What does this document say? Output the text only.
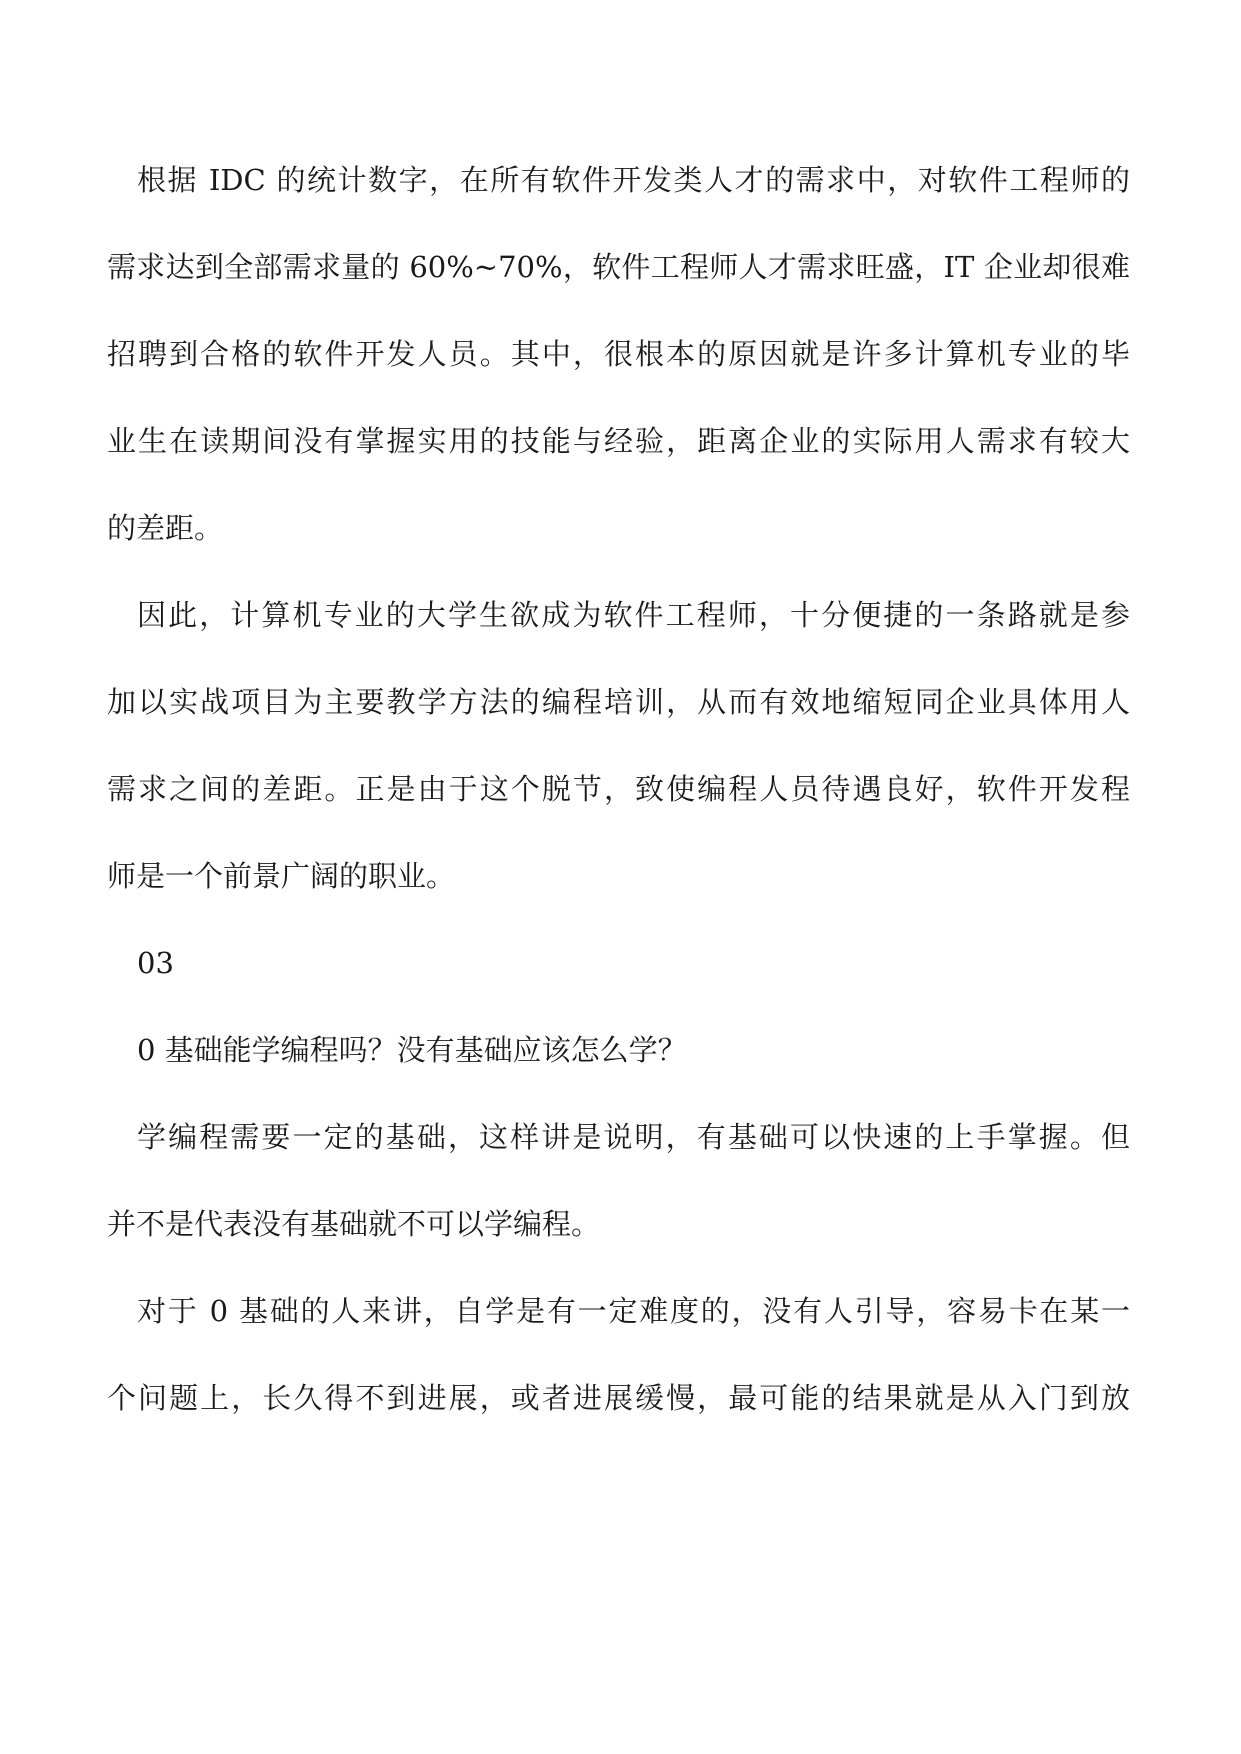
根据 IDC 的统计数字，在所有软件开发类人才的需求中，对软件工程师的
需求达到全部需求量的 60%~70%，软件工程师人才需求旺盛，IT 企业却很难
招聘到合格的软件开发人员。其中，很根本的原因就是许多计算机专业的毕
业生在读期间没有掌握实用的技能与经验，距离企业的实际用人需求有较大
的差距。
因此，计算机专业的大学生欲成为软件工程师，十分便捷的一条路就是参
加以实战项目为主要教学方法的编程培训，从而有效地缩短同企业具体用人
需求之间的差距。正是由于这个脱节，致使编程人员待遇良好，软件开发程
师是一个前景广阔的职业。
03
0 基础能学编程吗？没有基础应该怎么学？
学编程需要一定的基础，这样讲是说明，有基础可以快速的上手掌握。但
并不是代表没有基础就不可以学编程。
对于 0 基础的人来讲，自学是有一定难度的，没有人引导，容易卡在某一
个问题上，长久得不到进展，或者进展缓慢，最可能的结果就是从入门到放
